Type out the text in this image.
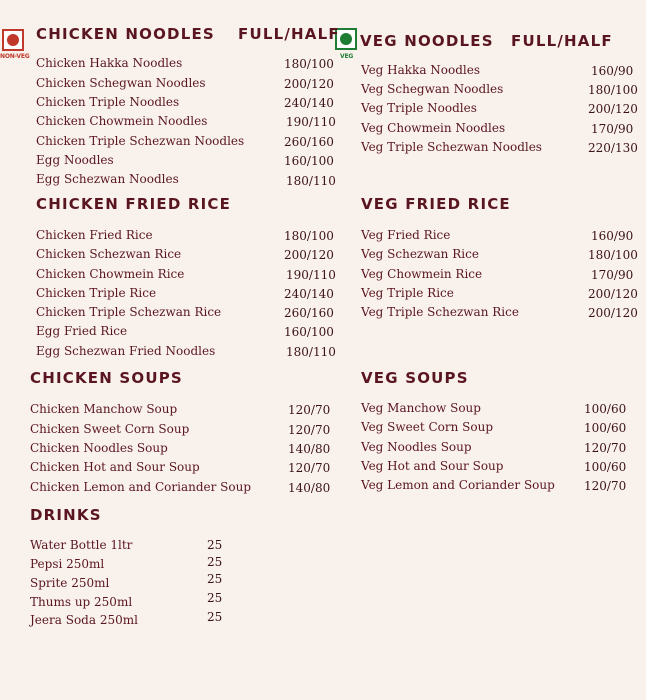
NON-VEG	VEG
CHICKEN NOODLES FULL/HALF
Chicken Hakka Noodles	180/100
Chicken Schegwan Noodles	200/120
Chicken Triple Noodles	240/140
Chicken Chowmein Noodles	190/110
Chicken Triple Schezwan Noodles	260/160
Egg Noodles	160/100
Egg Schezwan Noodles	180/110
CHICKEN FRIED RICE
Chicken Fried Rice	180/100
Chicken Schezwan Rice	200/120
Chicken Chowmein Rice	190/110
Chicken Triple Rice	240/140
Chicken Triple Schezwan Rice	260/160
Egg Fried Rice	160/100
Egg Schezwan Fried Noodles	180/110
CHICKEN SOUPS
Chicken Manchow Soup	120/70
Chicken Sweet Corn Soup	120/70
Chicken Noodles Soup	140/80
Chicken Hot and Sour Soup	120/70
Chicken Lemon and Coriander Soup	140/80
DRINKS
Water Bottle 1ltr	25
Pepsi 250ml	25
Sprite 250ml	25
Thums up 250ml	25
Jeera Soda 250ml	25
VEG NOODLES FULL/HALF
Veg Hakka Noodles	160/90
Veg Schegwan Noodles	180/100
Veg Triple Noodles	200/120
Veg Chowmein Noodles	170/90
Veg Triple Schezwan Noodles	220/130
VEG FRIED RICE
Veg Fried Rice	160/90
Veg Schezwan Rice	180/100
Veg Chowmein Rice	170/90
Veg Triple Rice	200/120
Veg Triple Schezwan Rice	200/120
VEG SOUPS
Veg Manchow Soup	100/60
Veg Sweet Corn Soup	100/60
Veg Noodles Soup	120/70
Veg Hot and Sour Soup	100/60
Veg Lemon and Coriander Soup 120/70
